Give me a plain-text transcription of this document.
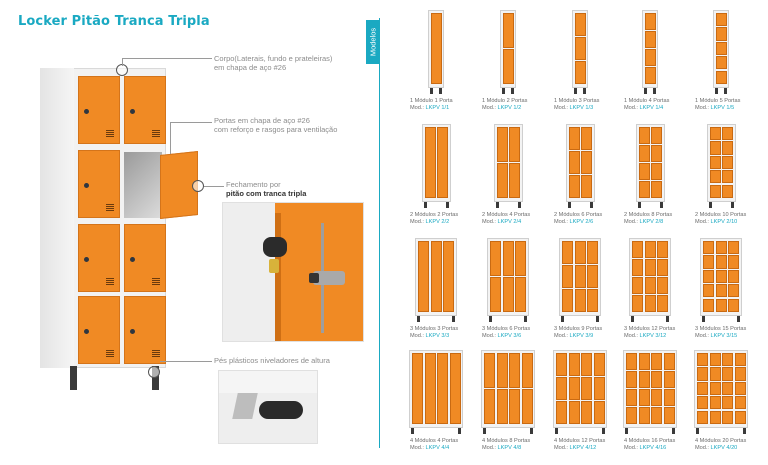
Locker Pitão Tranca Tripla
Corpo(Laterais, fundo e prateleiras)
em chapa de aço #26
Portas em chapa de aço #26
com reforço e rasgos para ventilação
Fechamento por
pitão com tranca tripla
Pés plásticos niveladores de altura
Modelos
1 Módulo 1 Porta
Mod.: LKPV 1/1
1 Módulo 2 Portas
Mod.: LKPV 1/2
1 Módulo 3 Portas
Mod.: LKPV 1/3
1 Módulo 4 Portas
Mod.: LKPV 1/4
1 Módulo 5 Portas
Mod.: LKPV 1/5
2 Módulos 2 Portas
Mod.: LKPV 2/2
2 Módulos 4 Portas
Mod.: LKPV 2/4
2 Módulos 6 Portas
Mod.: LKPV 2/6
2 Módulos 8 Portas
Mod.: LKPV 2/8
2 Módulos 10 Portas
Mod.: LKPV 2/10
3 Módulos 3 Portas
Mod.: LKPV 3/3
3 Módulos 6 Portas
Mod.: LKPV 3/6
3 Módulos 9 Portas
Mod.: LKPV 3/9
3 Módulos 12 Portas
Mod.: LKPV 3/12
3 Módulos 15 Portas
Mod.: LKPV 3/15
4 Módulos 4 Portas
Mod.: LKPV 4/4
4 Módulos 8 Portas
Mod.: LKPV 4/8
4 Módulos 12 Portas
Mod.: LKPV 4/12
4 Módulos 16 Portas
Mod.: LKPV 4/16
4 Módulos 20 Portas
Mod.: LKPV 4/20
